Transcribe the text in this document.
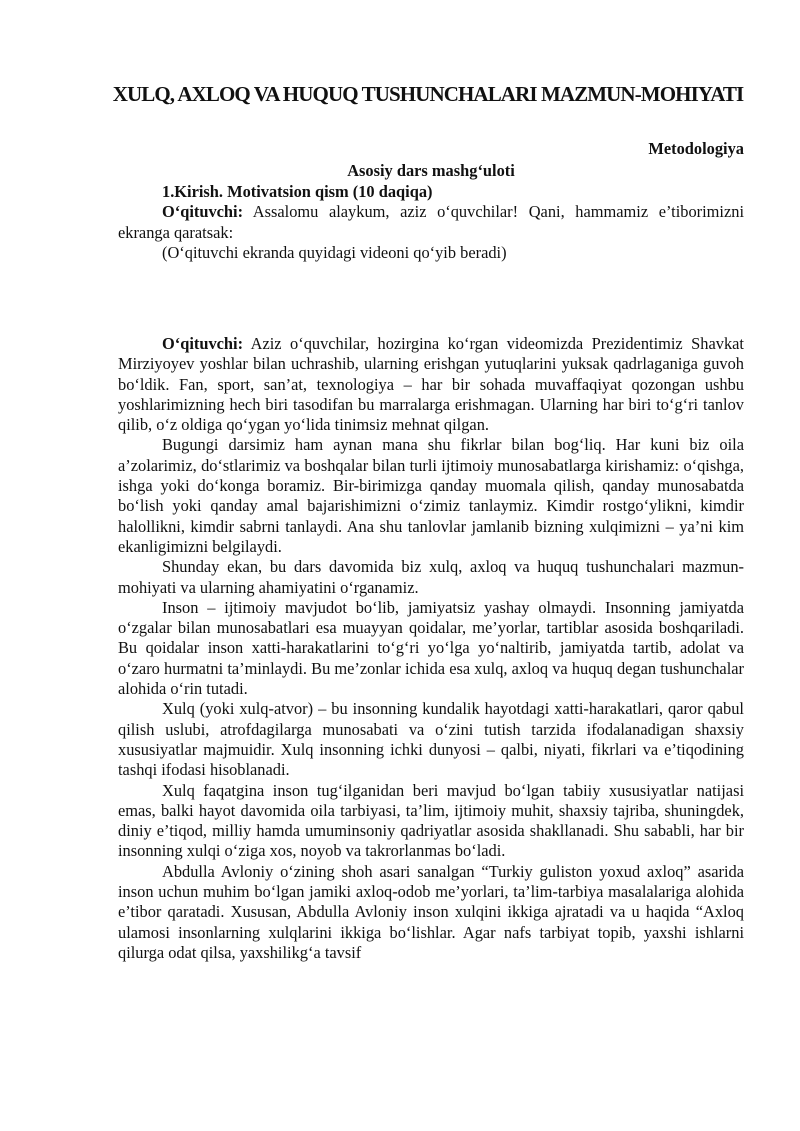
XULQ, AXLOQ VA HUQUQ TUSHUNCHALARI MAZMUN-MOHIYATI

Metodologiya

Asosiy dars mashg‘uloti

1.Kirish. Motivatsion qism (10 daqiqa)

O‘qituvchi: Assalomu alaykum, aziz o‘quvchilar! Qani, hammamiz e’tiborimizni ekranga qaratsak:

(O‘qituvchi ekranda quyidagi videoni qo‘yib beradi)

O‘qituvchi: Aziz o‘quvchilar, hozirgina ko‘rgan videomizda Prezidentimiz Shavkat Mirziyoyev yoshlar bilan uchrashib, ularning erishgan yutuqlarini yuksak qadrlaganiga guvoh bo‘ldik. Fan, sport, san’at, texnologiya – har bir sohada muvaffaqiyat qozongan ushbu yoshlarimizning hech biri tasodifan bu marralarga erishmagan. Ularning har biri to‘g‘ri tanlov qilib, o‘z oldiga qo‘ygan yo‘lida tinimsiz mehnat qilgan.

Bugungi darsimiz ham aynan mana shu fikrlar bilan bog‘liq. Har kuni biz oila a’zolarimiz, do‘stlarimiz va boshqalar bilan turli ijtimoiy munosabatlarga kirishamiz: o‘qishga, ishga yoki do‘konga boramiz. Bir-birimizga qanday muomala qilish, qanday munosabatda bo‘lish yoki qanday amal bajarishimizni o‘zimiz tanlaymiz. Kimdir rostgo‘ylikni, kimdir halollikni, kimdir sabrni tanlaydi. Ana shu tanlovlar jamlanib bizning xulqimizni – ya’ni kim ekanligimizni belgilaydi.

Shunday ekan, bu dars davomida biz xulq, axloq va huquq tushunchalari mazmun-mohiyati va ularning ahamiyatini o‘rganamiz.

Inson – ijtimoiy mavjudot bo‘lib, jamiyatsiz yashay olmaydi. Insonning jamiyatda o‘zgalar bilan munosabatlari esa muayyan qoidalar, me’yorlar, tartiblar asosida boshqariladi. Bu qoidalar inson xatti-harakatlarini to‘g‘ri yo‘lga yo‘naltirib, jamiyatda tartib, adolat va o‘zaro hurmatni ta’minlaydi. Bu me’zonlar ichida esa xulq, axloq va huquq degan tushunchalar alohida o‘rin tutadi.

Xulq (yoki xulq-atvor) – bu insonning kundalik hayotdagi xatti-harakatlari, qaror qabul qilish uslubi, atrofdagilarga munosabati va o‘zini tutish tarzida ifodalanadigan shaxsiy xususiyatlar majmuidir. Xulq insonning ichki dunyosi – qalbi, niyati, fikrlari va e’tiqodining tashqi ifodasi hisoblanadi.

Xulq faqatgina inson tug‘ilganidan beri mavjud bo‘lgan tabiiy xususiyatlar natijasi emas, balki hayot davomida oila tarbiyasi, ta’lim, ijtimoiy muhit, shaxsiy tajriba, shuningdek, diniy e’tiqod, milliy hamda umuminsoniy qadriyatlar asosida shakllanadi. Shu sababli, har bir insonning xulqi o‘ziga xos, noyob va takrorlanmas bo‘ladi.

Abdulla Avloniy o‘zining shoh asari sanalgan “Turkiy guliston yoxud axloq” asarida inson uchun muhim bo‘lgan jamiki axloq-odob me’yorlari, ta’lim-tarbiya masalalariga alohida e’tibor qaratadi. Xususan, Abdulla Avloniy inson xulqini ikkiga ajratadi va u haqida “Axloq ulamosi insonlarning xulqlarini ikkiga bo‘lishlar. Agar nafs tarbiyat topib, yaxshi ishlarni qilurga odat qilsa, yaxshilikg‘a tavsif
